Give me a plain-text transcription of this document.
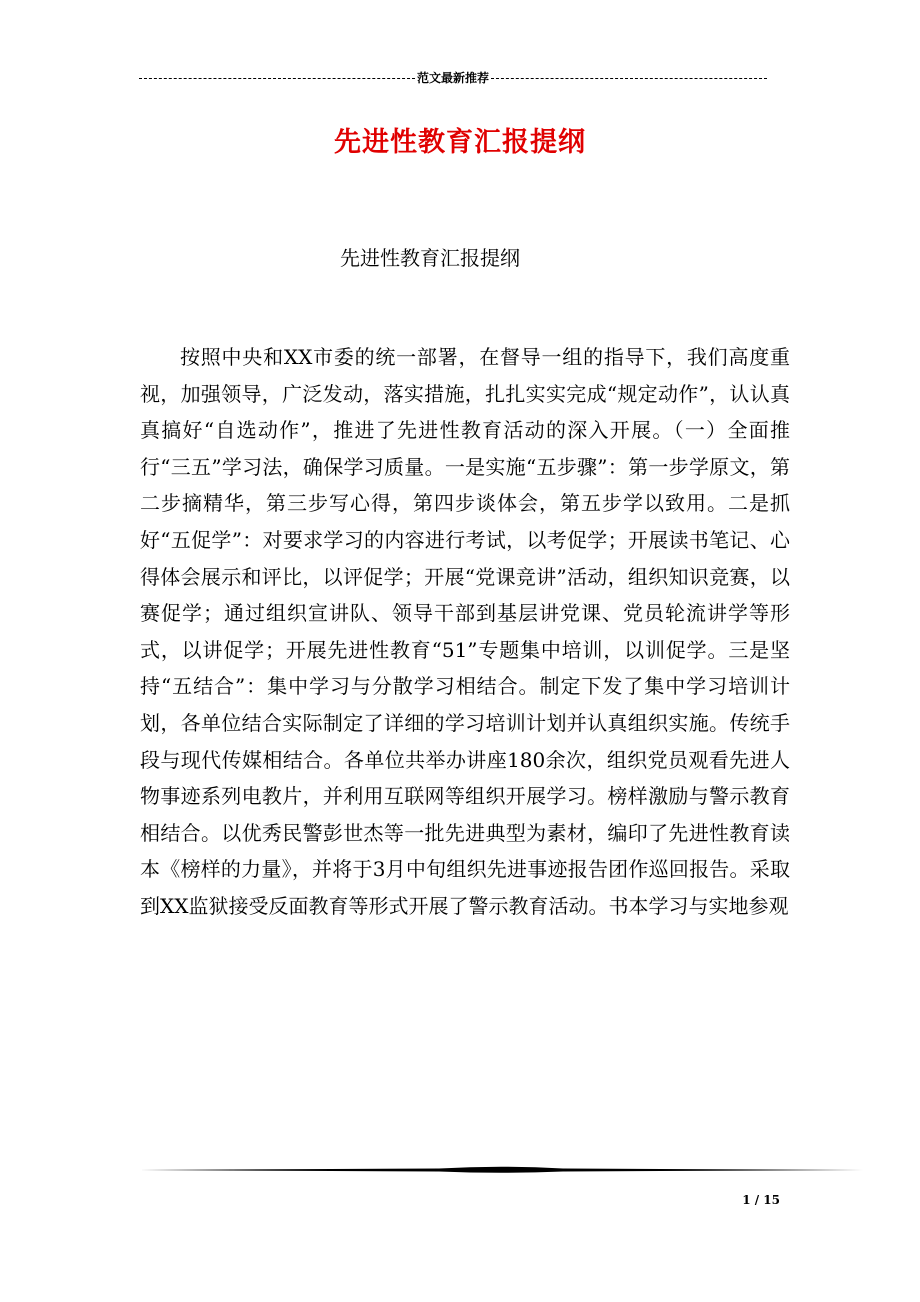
范文最新推荐
先进性教育汇报提纲
先进性教育汇报提纲
按照中央和XX市委的统一部署，在督导一组的指导下，我们高度重视，加强领导，广泛发动，落实措施，扎扎实实完成“规定动作”，认认真真搞好“自选动作”，推进了先进性教育活动的深入开展。（一）全面推行“三五”学习法，确保学习质量。一是实施“五步骤”：第一步学原文，第二步摘精华，第三步写心得，第四步谈体会，第五步学以致用。二是抓好“五促学”：对要求学习的内容进行考试，以考促学；开展读书笔记、心得体会展示和评比，以评促学；开展“党课竞讲”活动，组织知识竞赛，以赛促学；通过组织宣讲队、领导干部到基层讲党课、党员轮流讲学等形式，以讲促学；开展先进性教育“51”专题集中培训，以训促学。三是坚持“五结合”：集中学习与分散学习相结合。制定下发了集中学习培训计划，各单位结合实际制定了详细的学习培训计划并认真组织实施。传统手段与现代传媒相结合。各单位共举办讲座180余次，组织党员观看先进人物事迹系列电教片，并利用互联网等组织开展学习。榜样激励与警示教育相结合。以优秀民警彭世杰等一批先进典型为素材，编印了先进性教育读本《榜样的力量》，并将于3月中旬组织先进事迹报告团作巡回报告。采取到XX监狱接受反面教育等形式开展了警示教育活动。书本学习与实地参观
1 / 15
